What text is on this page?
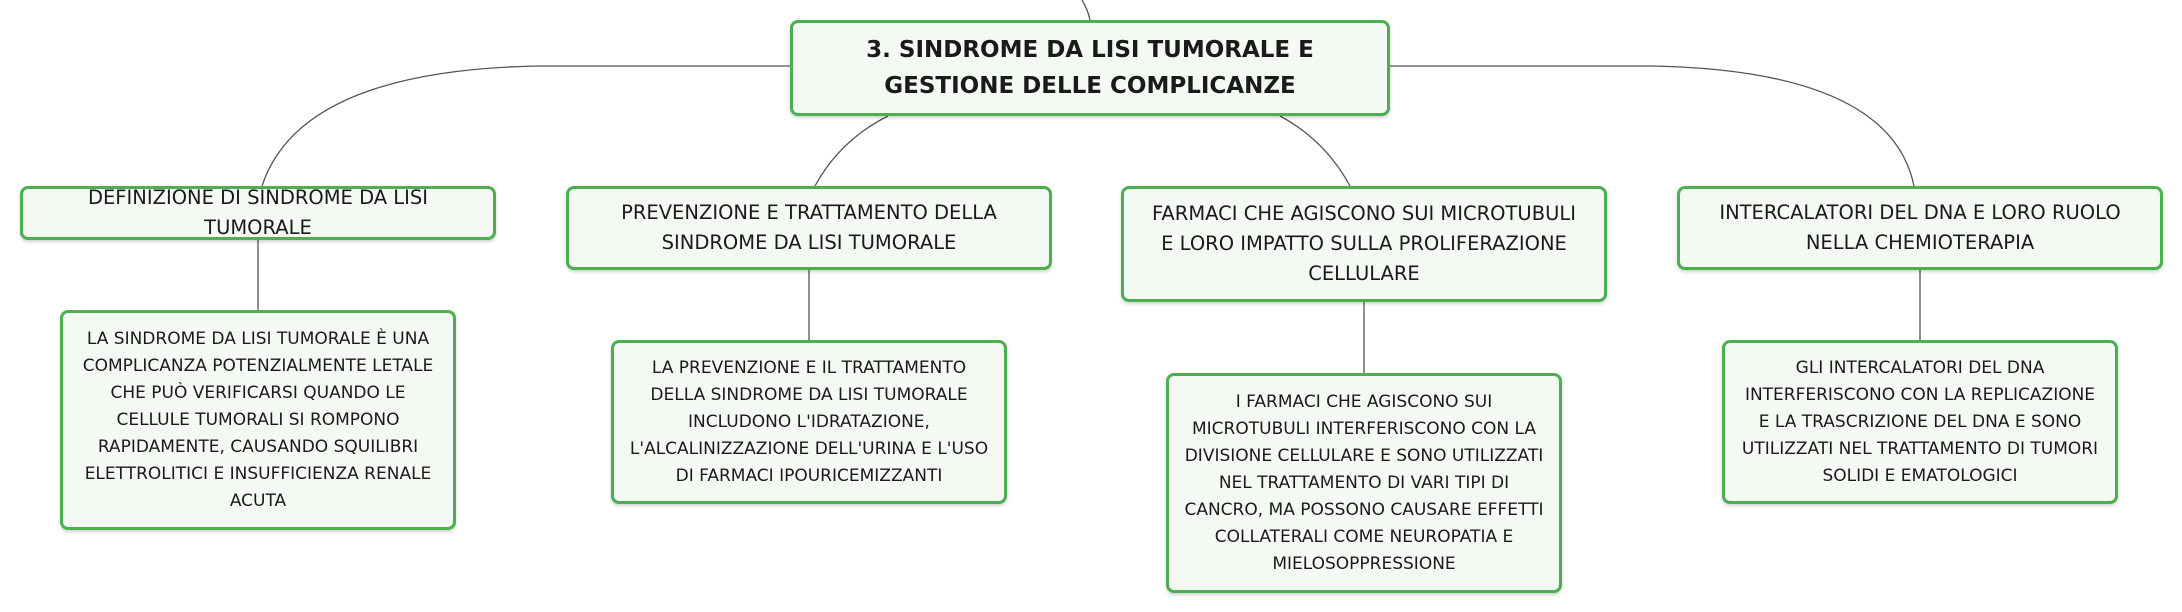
3. SINDROME DA LISI TUMORALE E GESTIONE DELLE COMPLICANZE
DEFINIZIONE DI SINDROME DA LISI TUMORALE
PREVENZIONE E TRATTAMENTO DELLA SINDROME DA LISI TUMORALE
FARMACI CHE AGISCONO SUI MICROTUBULI E LORO IMPATTO SULLA PROLIFERAZIONE CELLULARE
INTERCALATORI DEL DNA E LORO RUOLO NELLA CHEMIOTERAPIA
LA SINDROME DA LISI TUMORALE È UNA COMPLICANZA POTENZIALMENTE LETALE CHE PUÒ VERIFICARSI QUANDO LE CELLULE TUMORALI SI ROMPONO RAPIDAMENTE, CAUSANDO SQUILIBRI ELETTROLITICI E INSUFFICIENZA RENALE ACUTA
LA PREVENZIONE E IL TRATTAMENTO DELLA SINDROME DA LISI TUMORALE INCLUDONO L'IDRATAZIONE, L'ALCALINIZZAZIONE DELL'URINA E L'USO DI FARMACI IPOURICEMIZZANTI
I FARMACI CHE AGISCONO SUI MICROTUBULI INTERFERISCONO CON LA DIVISIONE CELLULARE E SONO UTILIZZATI NEL TRATTAMENTO DI VARI TIPI DI CANCRO, MA POSSONO CAUSARE EFFETTI COLLATERALI COME NEUROPATIA E MIELOSOPPRESSIONE
GLI INTERCALATORI DEL DNA INTERFERISCONO CON LA REPLICAZIONE E LA TRASCRIZIONE DEL DNA E SONO UTILIZZATI NEL TRATTAMENTO DI TUMORI SOLIDI E EMATOLOGICI
